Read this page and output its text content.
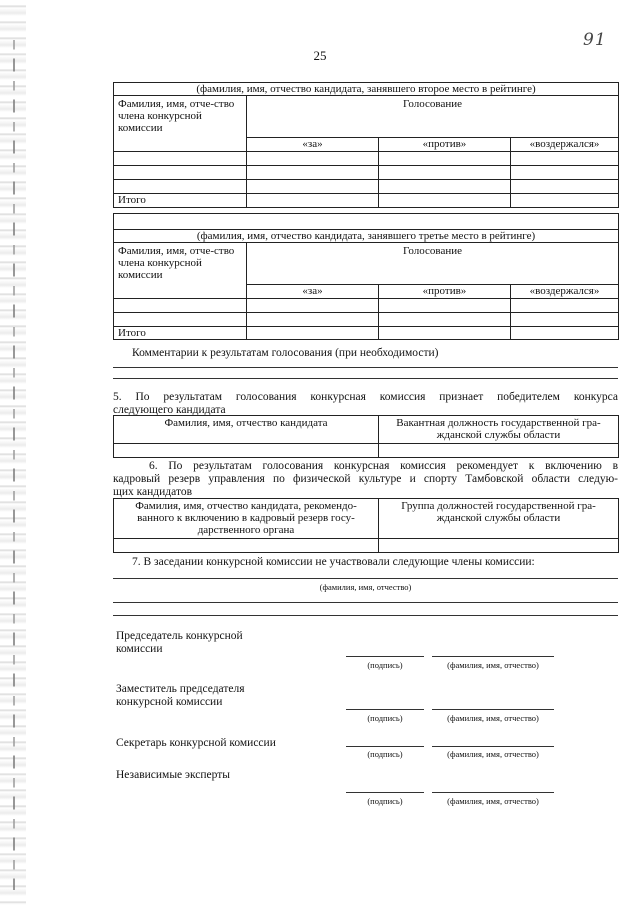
25
91
(фамилия, имя, отчество кандидата, занявшего второе место в рейтинге)			
Фамилия, имя, отче-ство члена конкурсной комиссии	Голосование		
	«за»	«против»	«воздержался»

Итого			

(фамилия, имя, отчество кандидата, занявшего третье место в рейтинге)			
Фамилия, имя, отче-ство члена конкурсной комиссии	Голосование		
	«за»	«против»	«воздержался»

Итого			
Комментарии к результатам голосования (при необходимости)
5. По результатам голосования конкурсная комиссия признает победителем конкурса
следующего кандидата
Фамилия, имя, отчество кандидата	Вакантная должность государственной гра-жданской службы области

6. По результатам голосования конкурсная комиссия рекомендует к включению в
кадровый резерв управления по физической культуре и спорту Тамбовской области следую-
щих кандидатов
Фамилия, имя, отчество кандидата, рекомендо-ванного к включению в кадровый резерв госу-дарственного органа	Группа должностей государственной гра-жданской службы области

7. В заседании конкурсной комиссии не участвовали следующие члены комиссии:
(фамилия, имя, отчество)
Председатель конкурсной комиссии
(подпись)	(фамилия, имя, отчество)
Заместитель председателя конкурсной комиссии
(подпись)	(фамилия, имя, отчество)
Секретарь конкурсной комиссии
(подпись)	(фамилия, имя, отчество)
Независимые эксперты
(подпись)	(фамилия, имя, отчество)
